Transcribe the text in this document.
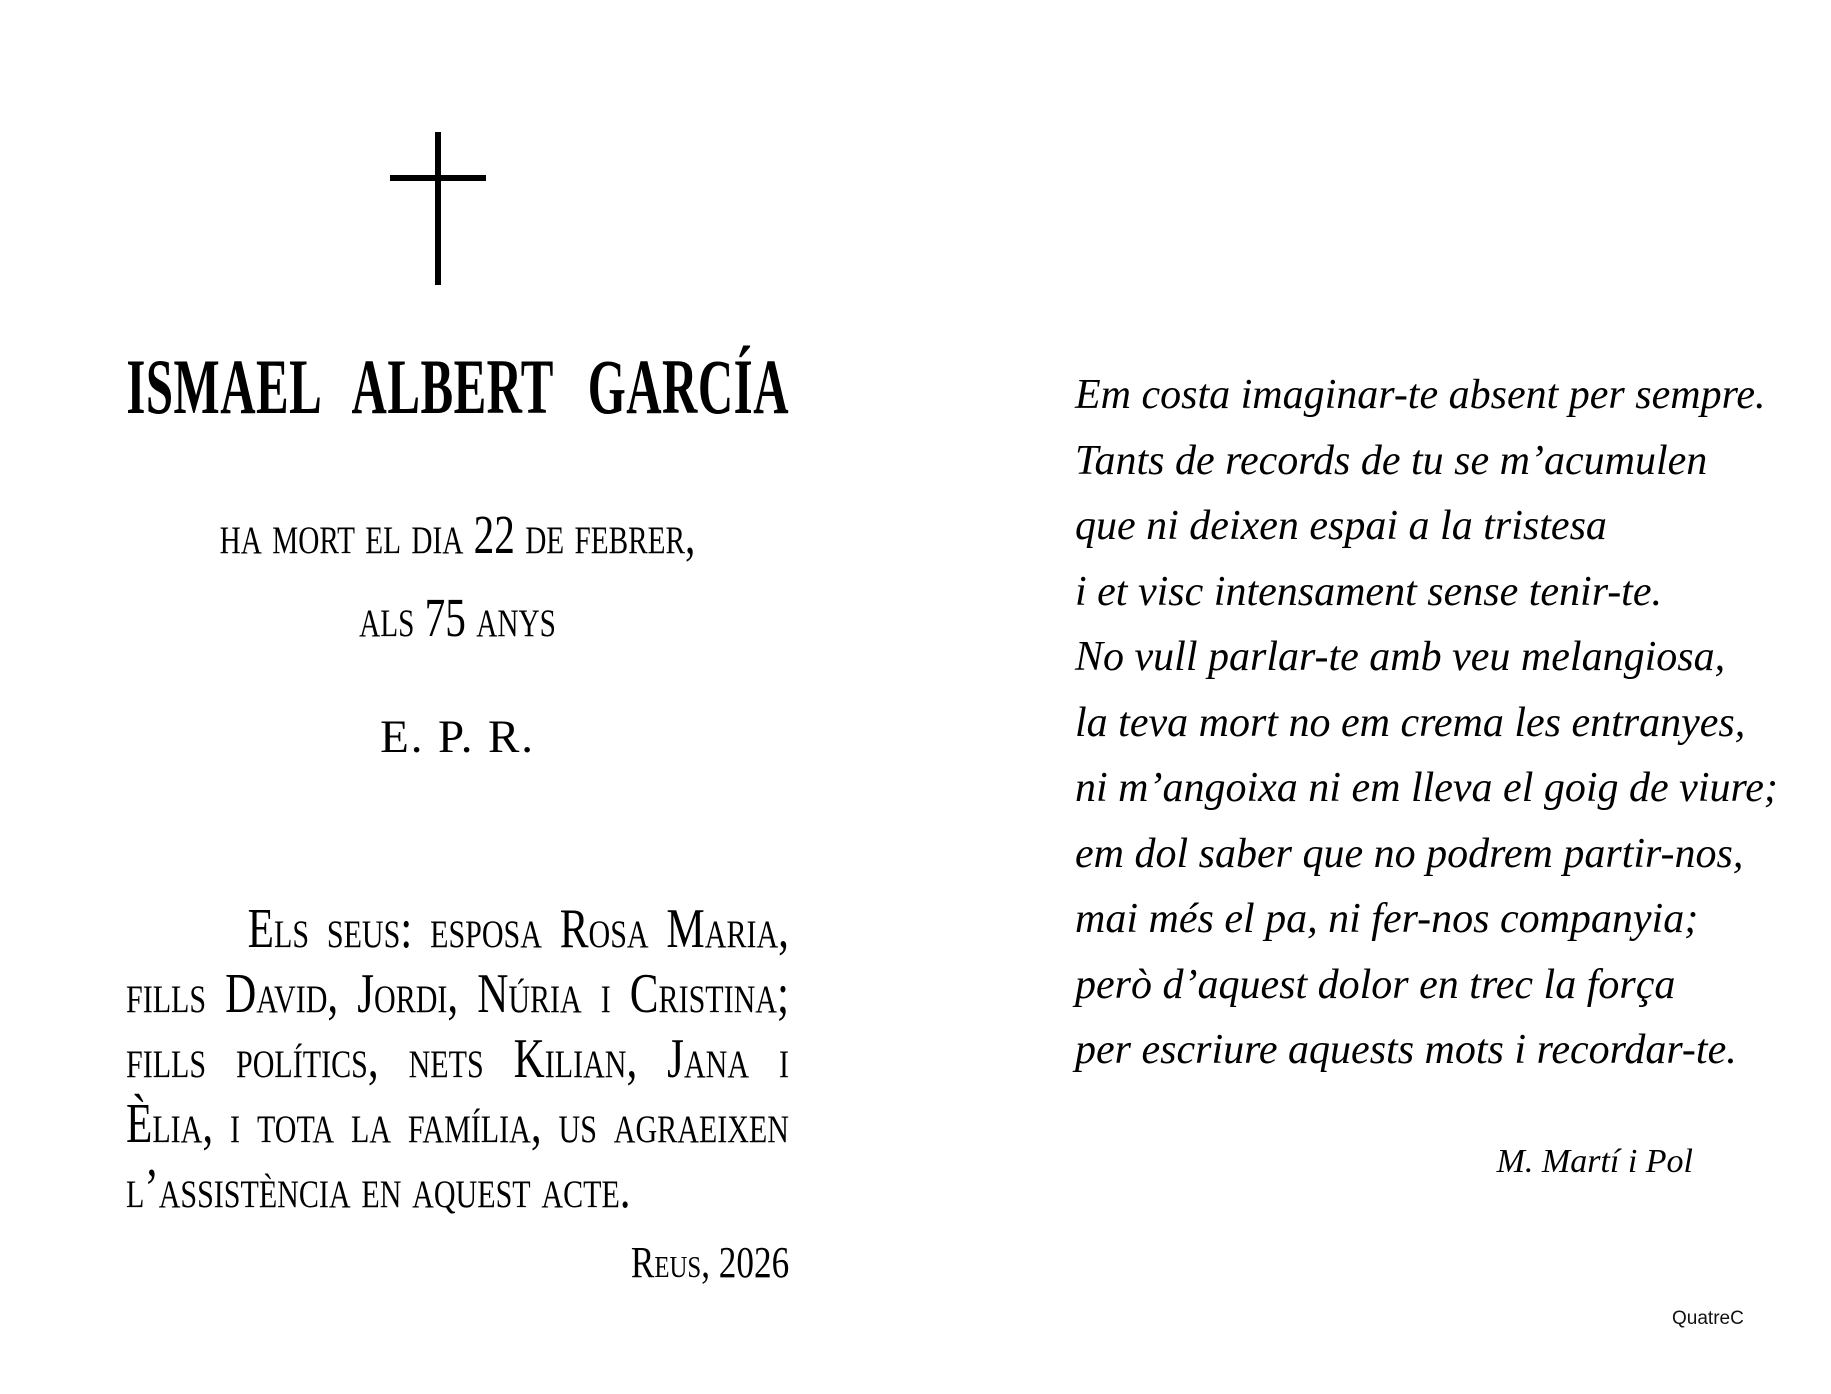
ISMAEL ALBERT GARCÍA
ha mort el dia 22 de febrer,
als 75 anys
E. P. R.
Els seus: esposa Rosa Maria,
fills David, Jordi, Núria i Cristina;
fills polítics, nets Kilian, Jana i
Èlia, i tota la família, us agraeixen
l’assistència en aquest acte.
Reus, 2026
Em costa imaginar-te absent per sempre.
Tants de records de tu se m’acumulen
que ni deixen espai a la tristesa
i et visc intensament sense tenir-te.
No vull parlar-te amb veu melangiosa,
la teva mort no em crema les entranyes,
ni m’angoixa ni em lleva el goig de viure;
em dol saber que no podrem partir-nos,
mai més el pa, ni fer-nos companyia;
però d’aquest dolor en trec la força
per escriure aquests mots i recordar-te.
M. Martí i Pol
QuatreC
